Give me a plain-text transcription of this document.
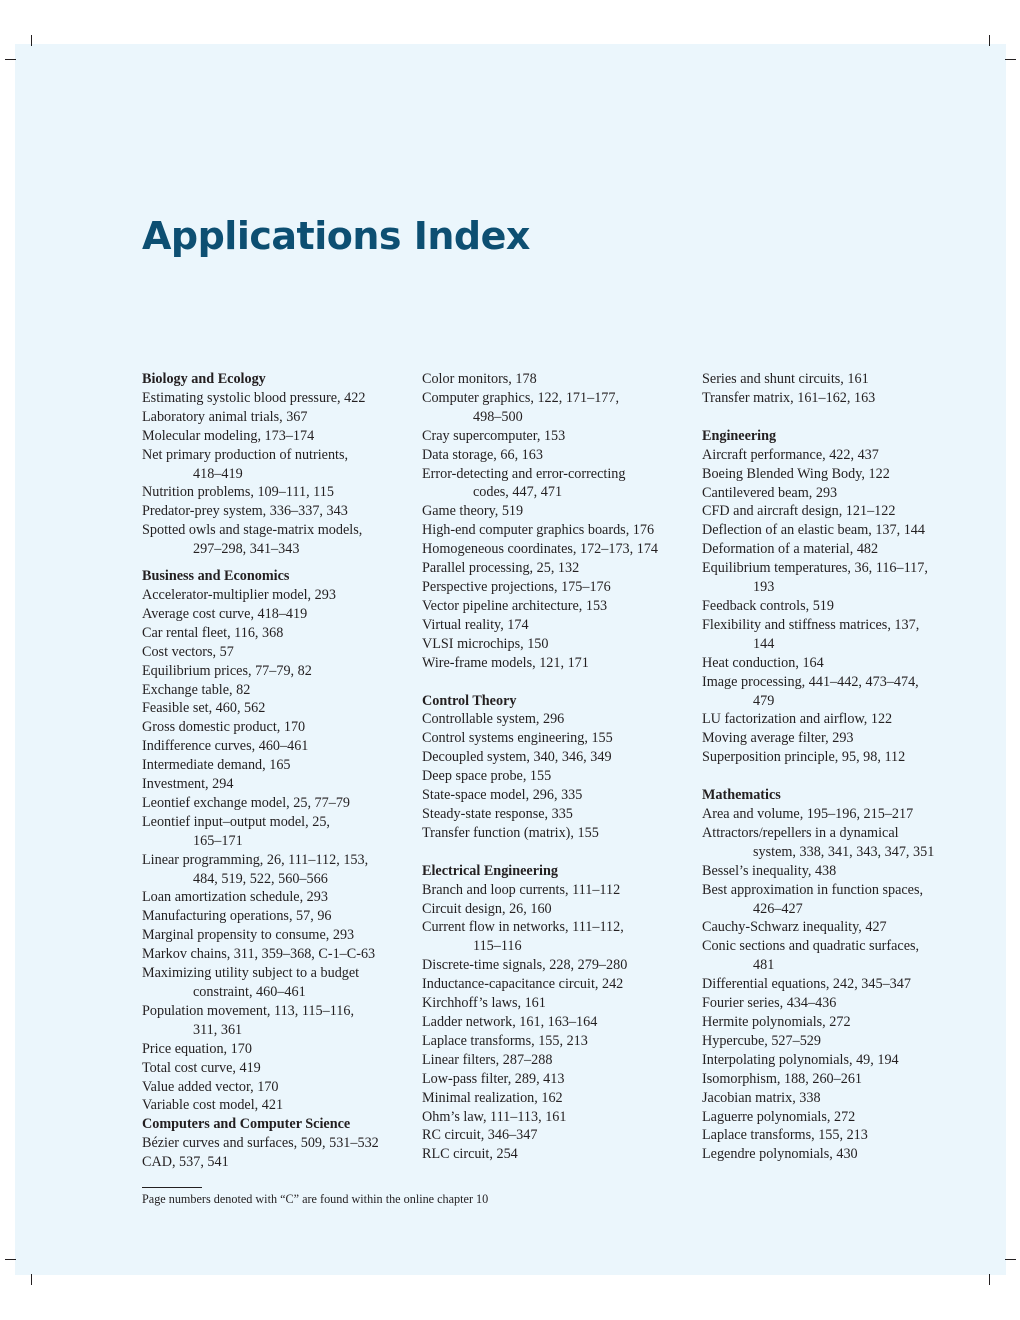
Applications Index
Biology and Ecology
Estimating systolic blood pressure, 422
Laboratory animal trials, 367
Molecular modeling, 173–174
Net primary production of nutrients,
418–419
Nutrition problems, 109–111, 115
Predator-prey system, 336–337, 343
Spotted owls and stage-matrix models,
297–298, 341–343
Business and Economics
Accelerator-multiplier model, 293
Average cost curve, 418–419
Car rental fleet, 116, 368
Cost vectors, 57
Equilibrium prices, 77–79, 82
Exchange table, 82
Feasible set, 460, 562
Gross domestic product, 170
Indifference curves, 460–461
Intermediate demand, 165
Investment, 294
Leontief exchange model, 25, 77–79
Leontief input–output model, 25,
165–171
Linear programming, 26, 111–112, 153,
484, 519, 522, 560–566
Loan amortization schedule, 293
Manufacturing operations, 57, 96
Marginal propensity to consume, 293
Markov chains, 311, 359–368, C-1–C-63
Maximizing utility subject to a budget
constraint, 460–461
Population movement, 113, 115–116,
311, 361
Price equation, 170
Total cost curve, 419
Value added vector, 170
Variable cost model, 421
Computers and Computer Science
Bézier curves and surfaces, 509, 531–532
CAD, 537, 541
Color monitors, 178
Computer graphics, 122, 171–177,
498–500
Cray supercomputer, 153
Data storage, 66, 163
Error-detecting and error-correcting
codes, 447, 471
Game theory, 519
High-end computer graphics boards, 176
Homogeneous coordinates, 172–173, 174
Parallel processing, 25, 132
Perspective projections, 175–176
Vector pipeline architecture, 153
Virtual reality, 174
VLSI microchips, 150
Wire-frame models, 121, 171
Control Theory
Controllable system, 296
Control systems engineering, 155
Decoupled system, 340, 346, 349
Deep space probe, 155
State-space model, 296, 335
Steady-state response, 335
Transfer function (matrix), 155
Electrical Engineering
Branch and loop currents, 111–112
Circuit design, 26, 160
Current flow in networks, 111–112,
115–116
Discrete-time signals, 228, 279–280
Inductance-capacitance circuit, 242
Kirchhoff’s laws, 161
Ladder network, 161, 163–164
Laplace transforms, 155, 213
Linear filters, 287–288
Low-pass filter, 289, 413
Minimal realization, 162
Ohm’s law, 111–113, 161
RC circuit, 346–347
RLC circuit, 254
Series and shunt circuits, 161
Transfer matrix, 161–162, 163
Engineering
Aircraft performance, 422, 437
Boeing Blended Wing Body, 122
Cantilevered beam, 293
CFD and aircraft design, 121–122
Deflection of an elastic beam, 137, 144
Deformation of a material, 482
Equilibrium temperatures, 36, 116–117,
193
Feedback controls, 519
Flexibility and stiffness matrices, 137,
144
Heat conduction, 164
Image processing, 441–442, 473–474,
479
LU factorization and airflow, 122
Moving average filter, 293
Superposition principle, 95, 98, 112
Mathematics
Area and volume, 195–196, 215–217
Attractors/repellers in a dynamical
system, 338, 341, 343, 347, 351
Bessel’s inequality, 438
Best approximation in function spaces,
426–427
Cauchy-Schwarz inequality, 427
Conic sections and quadratic surfaces,
481
Differential equations, 242, 345–347
Fourier series, 434–436
Hermite polynomials, 272
Hypercube, 527–529
Interpolating polynomials, 49, 194
Isomorphism, 188, 260–261
Jacobian matrix, 338
Laguerre polynomials, 272
Laplace transforms, 155, 213
Legendre polynomials, 430
Page numbers denoted with “C” are found within the online chapter 10
